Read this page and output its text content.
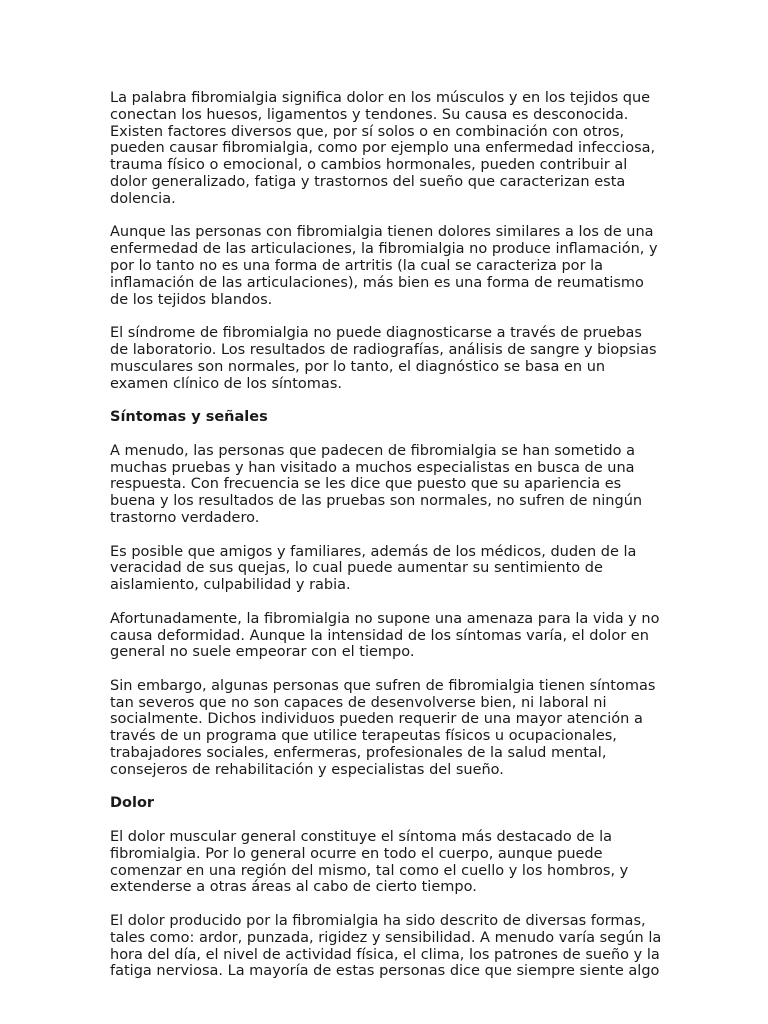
La palabra fibromialgia significa dolor en los músculos y en los tejidos que conectan los huesos, ligamentos y tendones. Su causa es desconocida. Existen factores diversos que, por sí solos o en combinación con otros, pueden causar fibromialgia, como por ejemplo una enfermedad infecciosa, trauma físico o emocional, o cambios hormonales, pueden contribuir al dolor generalizado, fatiga y trastornos del sueño que caracterizan esta dolencia.

Aunque las personas con fibromialgia tienen dolores similares a los de una enfermedad de las articulaciones, la fibromialgia no produce inflamación, y por lo tanto no es una forma de artritis (la cual se caracteriza por la inflamación de las articulaciones), más bien es una forma de reumatismo de los tejidos blandos.

El síndrome de fibromialgia no puede diagnosticarse a través de pruebas de laboratorio. Los resultados de radiografías, análisis de sangre y biopsias musculares son normales, por lo tanto, el diagnóstico se basa en un examen clínico de los síntomas.

Síntomas y señales

A menudo, las personas que padecen de fibromialgia se han sometido a muchas pruebas y han visitado a muchos especialistas en busca de una respuesta. Con frecuencia se les dice que puesto que su apariencia es buena y los resultados de las pruebas son normales, no sufren de ningún trastorno verdadero.

Es posible que amigos y familiares, además de los médicos, duden de la veracidad de sus quejas, lo cual puede aumentar su sentimiento de aislamiento, culpabilidad y rabia.

Afortunadamente, la fibromialgia no supone una amenaza para la vida y no causa deformidad. Aunque la intensidad de los síntomas varía, el dolor en general no suele empeorar con el tiempo.

Sin embargo, algunas personas que sufren de fibromialgia tienen síntomas tan severos que no son capaces de desenvolverse bien, ni laboral ni socialmente. Dichos individuos pueden requerir de una mayor atención a través de un programa que utilice terapeutas físicos u ocupacionales, trabajadores sociales, enfermeras, profesionales de la salud mental, consejeros de rehabilitación y especialistas del sueño.

Dolor

El dolor muscular general constituye el síntoma más destacado de la fibromialgia. Por lo general ocurre en todo el cuerpo, aunque puede comenzar en una región del mismo, tal como el cuello y los hombros, y extenderse a otras áreas al cabo de cierto tiempo.

El dolor producido por la fibromialgia ha sido descrito de diversas formas, tales como: ardor, punzada, rigidez y sensibilidad. A menudo varía según la hora del día, el nivel de actividad física, el clima, los patrones de sueño y la fatiga nerviosa. La mayoría de estas personas dice que siempre siente algo
